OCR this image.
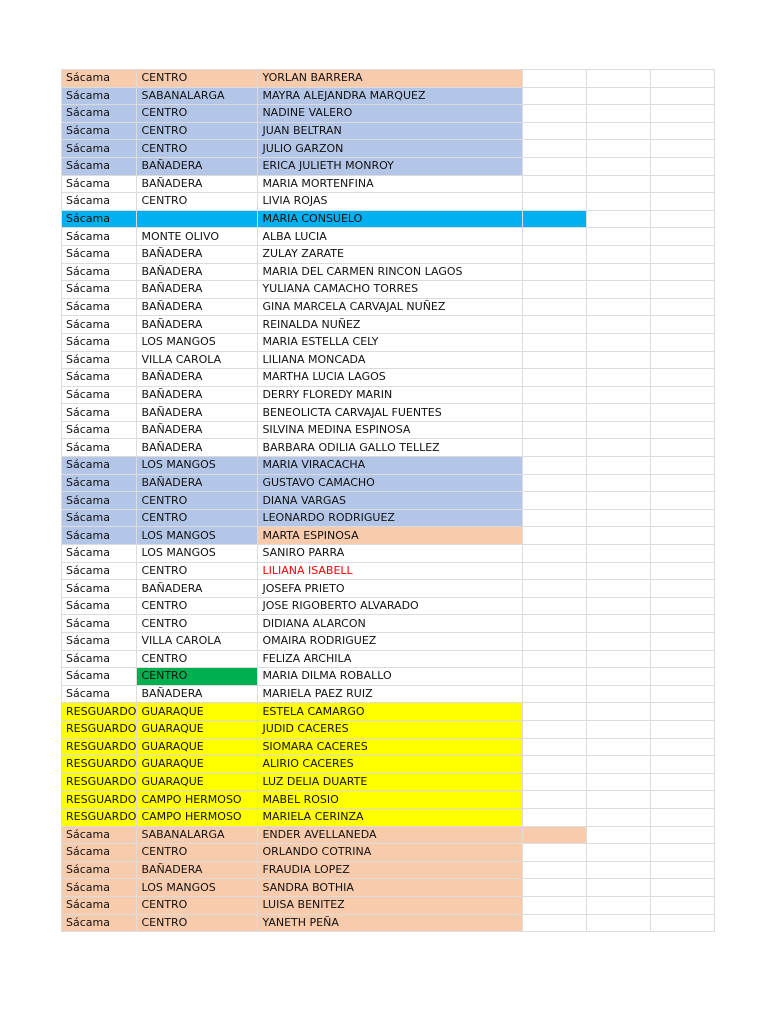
Sácama	CENTRO	YORLAN BARRERA			
Sácama	SABANALARGA	MAYRA ALEJANDRA MARQUEZ			
Sácama	CENTRO	NADINE VALERO			
Sácama	CENTRO	JUAN BELTRAN			
Sácama	CENTRO	JULIO GARZON			
Sácama	BAÑADERA	ERICA JULIETH MONROY			
Sácama	BAÑADERA	MARIA MORTENFINA			
Sácama	CENTRO	LIVIA ROJAS			
Sácama		MARIA CONSUELO			
Sácama	MONTE OLIVO	ALBA LUCIA			
Sácama	BAÑADERA	ZULAY ZARATE			
Sácama	BAÑADERA	MARIA DEL CARMEN RINCON LAGOS			
Sácama	BAÑADERA	YULIANA CAMACHO TORRES			
Sácama	BAÑADERA	GINA MARCELA CARVAJAL NUÑEZ			
Sácama	BAÑADERA	REINALDA NUÑEZ			
Sácama	LOS MANGOS	MARIA ESTELLA CELY			
Sácama	VILLA CAROLA	LILIANA MONCADA			
Sácama	BAÑADERA	MARTHA LUCIA LAGOS			
Sácama	BAÑADERA	DERRY FLOREDY MARIN			
Sácama	BAÑADERA	BENEOLICTA CARVAJAL FUENTES			
Sácama	BAÑADERA	SILVINA MEDINA ESPINOSA			
Sácama	BAÑADERA	BARBARA ODILIA GALLO TELLEZ			
Sácama	LOS MANGOS	MARIA VIRACACHA			
Sácama	BAÑADERA	GUSTAVO CAMACHO			
Sácama	CENTRO	DIANA VARGAS			
Sácama	CENTRO	LEONARDO RODRIGUEZ			
Sácama	LOS MANGOS	MARTA ESPINOSA			
Sácama	LOS MANGOS	SANIRO PARRA			
Sácama	CENTRO	LILIANA ISABELL			
Sácama	BAÑADERA	JOSEFA PRIETO			
Sácama	CENTRO	JOSE RIGOBERTO ALVARADO			
Sácama	CENTRO	DIDIANA ALARCON			
Sácama	VILLA CAROLA	OMAIRA RODRIGUEZ			
Sácama	CENTRO	FELIZA ARCHILA			
Sácama	CENTRO	MARIA DILMA ROBALLO			
Sácama	BAÑADERA	MARIELA PAEZ RUIZ			
RESGUARDO	GUARAQUE	ESTELA CAMARGO			
RESGUARDO	GUARAQUE	JUDID CACERES			
RESGUARDO	GUARAQUE	SIOMARA CACERES			
RESGUARDO	GUARAQUE	ALIRIO CACERES			
RESGUARDO	GUARAQUE	LUZ DELIA DUARTE			
RESGUARDO	CAMPO HERMOSO	MABEL ROSIO			
RESGUARDO	CAMPO HERMOSO	MARIELA CERINZA			
Sácama	SABANALARGA	ENDER AVELLANEDA			
Sácama	CENTRO	ORLANDO COTRINA			
Sácama	BAÑADERA	FRAUDIA LOPEZ			
Sácama	LOS MANGOS	SANDRA BOTHIA			
Sácama	CENTRO	LUISA BENITEZ			
Sácama	CENTRO	YANETH PEÑA			
